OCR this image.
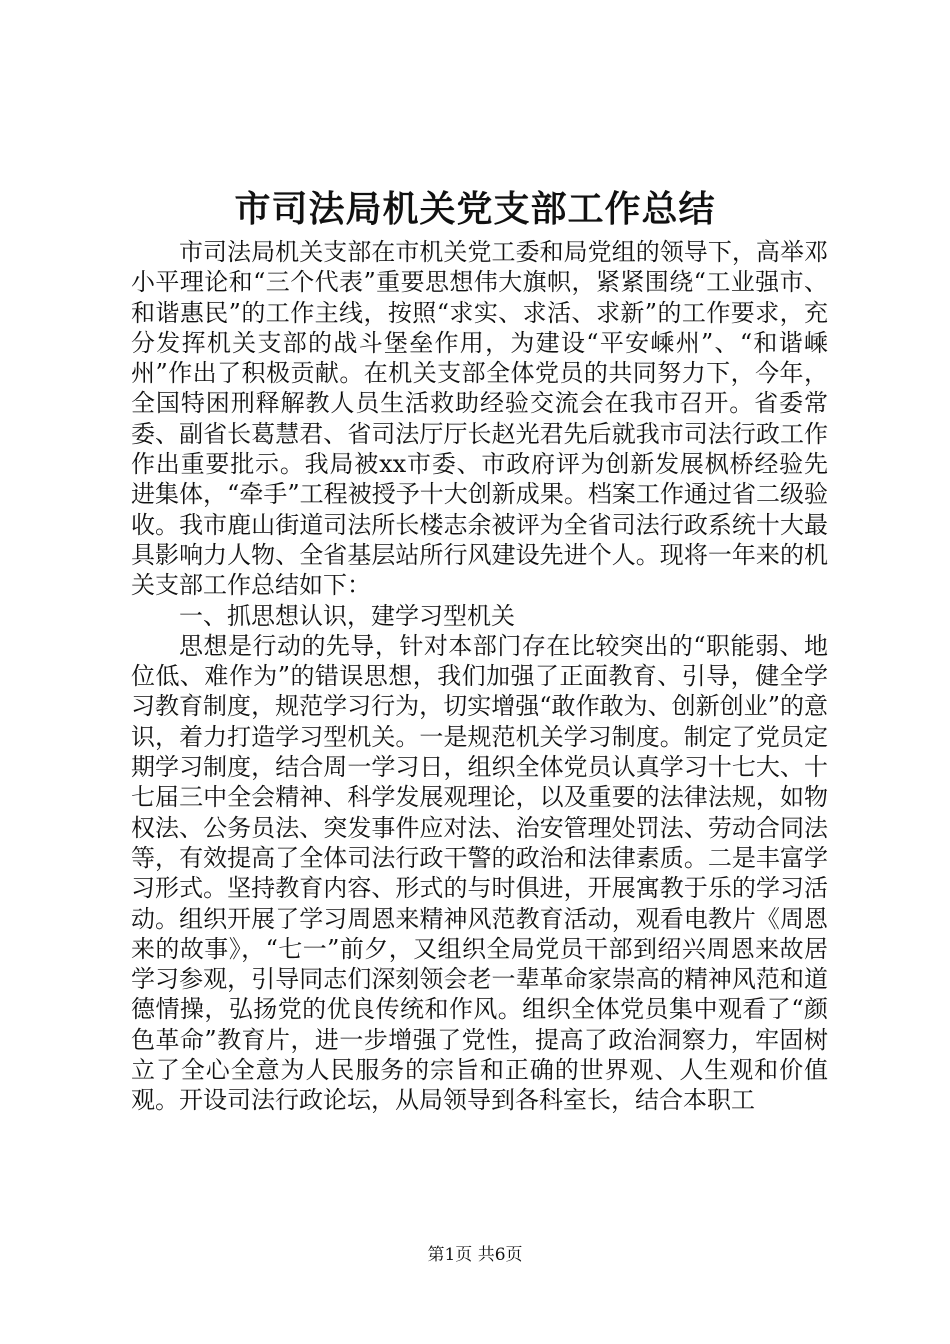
市司法局机关党支部工作总结

市司法局机关支部在市机关党工委和局党组的领导下，高举邓小平理论和“三个代表”重要思想伟大旗帜，紧紧围绕“工业强市、和谐惠民”的工作主线，按照“求实、求活、求新”的工作要求，充分发挥机关支部的战斗堡垒作用，为建设“平安嵊州”、“和谐嵊州”作出了积极贡献。在机关支部全体党员的共同努力下，今年，全国特困刑释解教人员生活救助经验交流会在我市召开。省委常委、副省长葛慧君、省司法厅厅长赵光君先后就我市司法行政工作作出重要批示。我局被xx市委、市政府评为创新发展枫桥经验先进集体，“牵手”工程被授予十大创新成果。档案工作通过省二级验收。我市鹿山街道司法所长楼志余被评为全省司法行政系统十大最具影响力人物、全省基层站所行风建设先进个人。现将一年来的机关支部工作总结如下：

一、抓思想认识，建学习型机关

思想是行动的先导，针对本部门存在比较突出的“职能弱、地位低、难作为”的错误思想，我们加强了正面教育、引导，健全学习教育制度，规范学习行为，切实增强“敢作敢为、创新创业”的意识，着力打造学习型机关。一是规范机关学习制度。制定了党员定期学习制度，结合周一学习日，组织全体党员认真学习十七大、十七届三中全会精神、科学发展观理论，以及重要的法律法规，如物权法、公务员法、突发事件应对法、治安管理处罚法、劳动合同法等，有效提高了全体司法行政干警的政治和法律素质。二是丰富学习形式。坚持教育内容、形式的与时俱进，开展寓教于乐的学习活动。组织开展了学习周恩来精神风范教育活动，观看电教片《周恩来的故事》，“七一”前夕，又组织全局党员干部到绍兴周恩来故居学习参观，引导同志们深刻领会老一辈革命家崇高的精神风范和道德情操，弘扬党的优良传统和作风。组织全体党员集中观看了“颜色革命”教育片，进一步增强了党性，提高了政治洞察力，牢固树立了全心全意为人民服务的宗旨和正确的世界观、人生观和价值观。开设司法行政论坛，从局领导到各科室长，结合本职工

第1页 共6页
